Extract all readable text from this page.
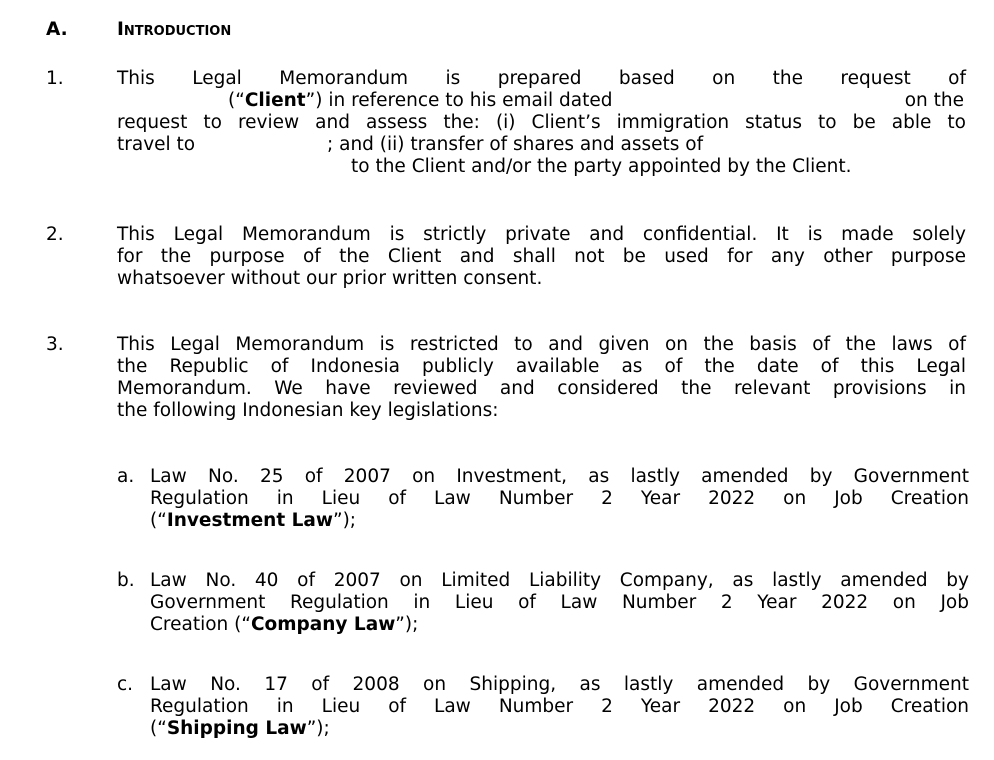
A.	Introduction
1.	This Legal Memorandum is prepared based on the request of
(“Client”) in reference to his email dated	on the
request to review and assess the: (i) Client’s immigration status to be able to
travel to	; and (ii) transfer of shares and assets of
to the Client and/or the party appointed by the Client.
2.	This Legal Memorandum is strictly private and confidential. It is made solely
for the purpose of the Client and shall not be used for any other purpose
whatsoever without our prior written consent.
3.	This Legal Memorandum is restricted to and given on the basis of the laws of
the Republic of Indonesia publicly available as of the date of this Legal
Memorandum. We have reviewed and considered the relevant provisions in
the following Indonesian key legislations:
a. Law No. 25 of 2007 on Investment, as lastly amended by Government
Regulation in Lieu of Law Number 2 Year 2022 on Job Creation
(“Investment Law”);
b. Law No. 40 of 2007 on Limited Liability Company, as lastly amended by
Government Regulation in Lieu of Law Number 2 Year 2022 on Job
Creation (“Company Law”);
c. Law No. 17 of 2008 on Shipping, as lastly amended by Government
Regulation in Lieu of Law Number 2 Year 2022 on Job Creation
(“Shipping Law”);
